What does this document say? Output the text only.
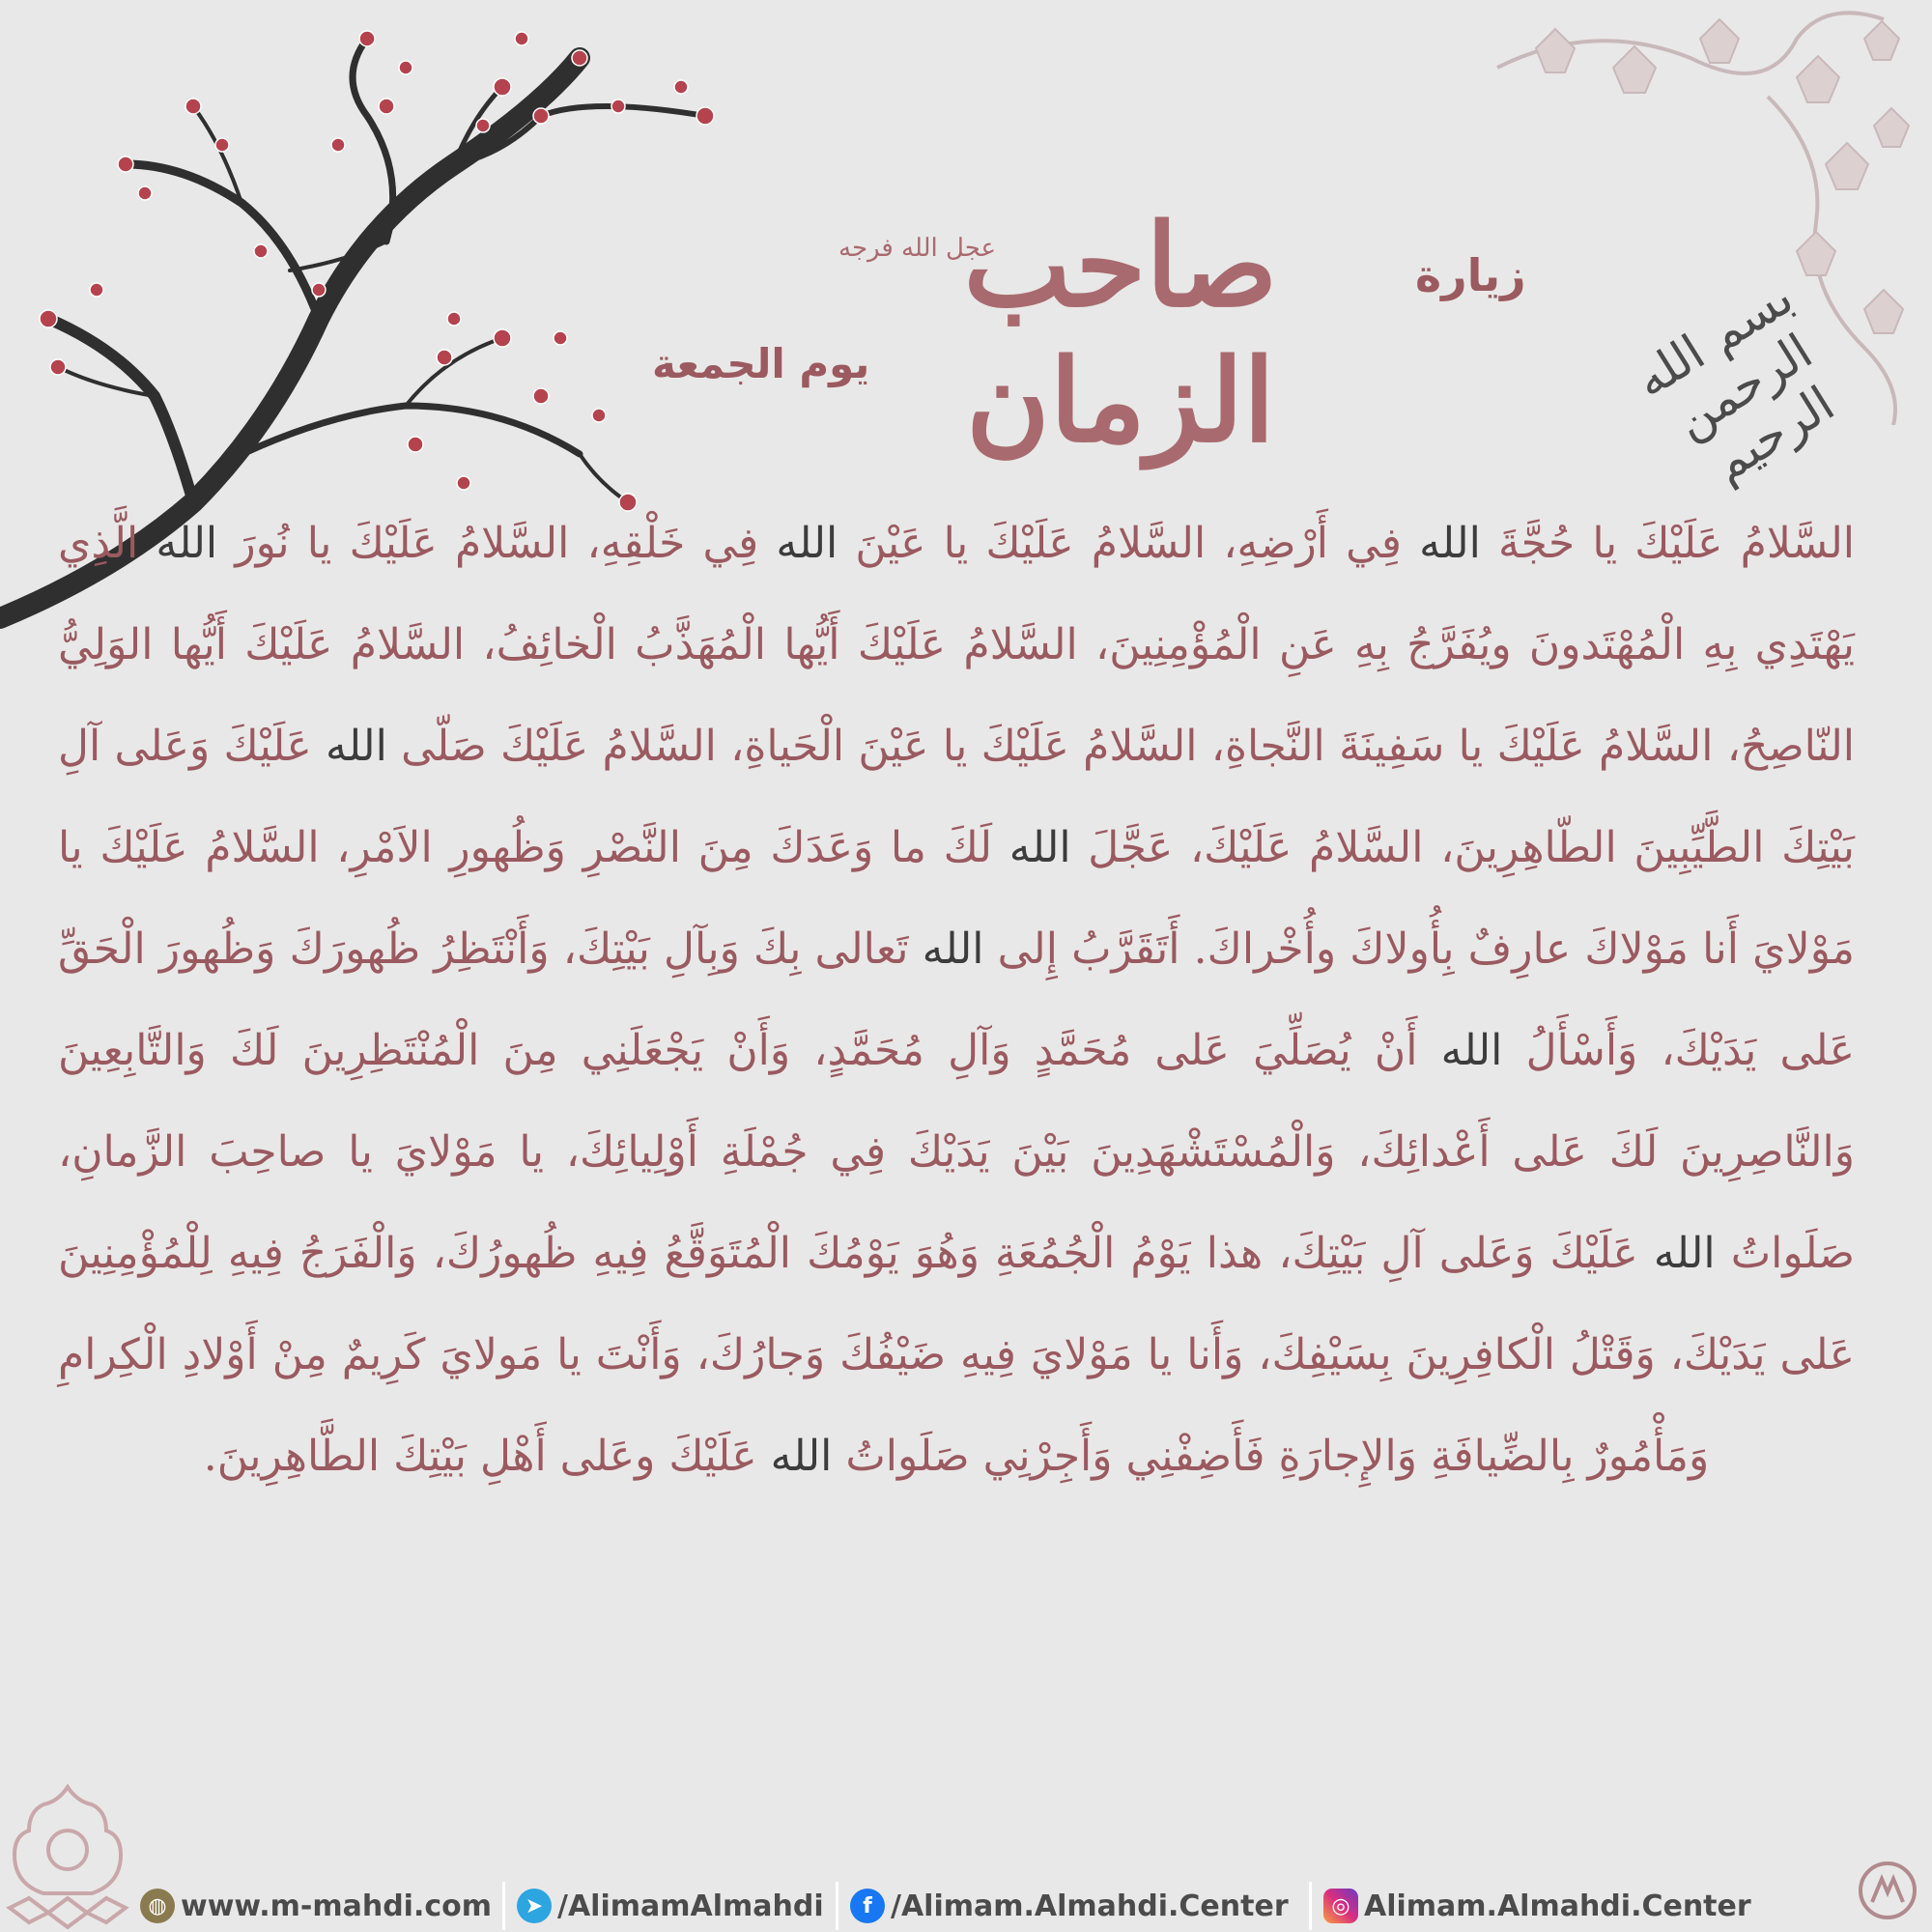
زيارة
صاحب الزمان
عجل الله فرجه
يوم الجمعة	بسم الله الرحمن الرحيم
السَّلامُ عَلَيْكَ يا حُجَّةَ الله فِي أَرْضِهِ، السَّلامُ عَلَيْكَ يا عَيْنَ الله فِي خَلْقِهِ، السَّلامُ عَلَيْكَ يا نُورَ الله الَّذِي يَهْتَدِي بِهِ الْمُهْتَدونَ ويُفَرَّجُ بِهِ عَنِ الْمُؤْمِنِينَ، السَّلامُ عَلَيْكَ أَيُّها الْمُهَذَّبُ الْخائِفُ، السَّلامُ عَلَيْكَ أَيُّها الوَلِيُّ النّاصِحُ، السَّلامُ عَلَيْكَ يا سَفِينَةَ النَّجاةِ، السَّلامُ عَلَيْكَ يا عَيْنَ الْحَياةِ، السَّلامُ عَلَيْكَ صَلّى الله عَلَيْكَ وَعَلى آلِ بَيْتِكَ الطَّيِّبِينَ الطّاهِرِينَ، السَّلامُ عَلَيْكَ، عَجَّلَ الله لَكَ ما وَعَدَكَ مِنَ النَّصْرِ وَظُهورِ الاَمْرِ، السَّلامُ عَلَيْكَ يا مَوْلايَ أَنا مَوْلاكَ عارِفٌ بِأُولاكَ وأُخْراكَ. أَتَقَرَّبُ إِلى الله تَعالى بِكَ وَبِآلِ بَيْتِكَ، وَأَنْتَظِرُ ظُهورَكَ وَظُهورَ الْحَقِّ عَلى يَدَيْكَ، وَأَسْأَلُ الله أَنْ يُصَلِّيَ عَلى مُحَمَّدٍ وَآلِ مُحَمَّدٍ، وَأَنْ يَجْعَلَنِي مِنَ الْمُنْتَظِرِينَ لَكَ وَالتَّابِعِينَ وَالنَّاصِرِينَ لَكَ عَلى أَعْدائِكَ، وَالْمُسْتَشْهَدِينَ بَيْنَ يَدَيْكَ فِي جُمْلَةِ أَوْلِيائِكَ، يا مَوْلايَ يا صاحِبَ الزَّمانِ، صَلَواتُ الله عَلَيْكَ وَعَلى آلِ بَيْتِكَ، هذا يَوْمُ الْجُمُعَةِ وَهُوَ يَوْمُكَ الْمُتَوَقَّعُ فِيهِ ظُهورُكَ، وَالْفَرَجُ فِيهِ لِلْمُؤْمِنِينَ عَلى يَدَيْكَ، وَقَتْلُ الْكافِرِينَ بِسَيْفِكَ، وَأَنا يا مَوْلايَ فِيهِ ضَيْفُكَ وَجارُكَ، وَأَنْتَ يا مَولايَ كَرِيمٌ مِنْ أَوْلادِ الْكِرامِ وَمَأْمُورٌ بِالضِّيافَةِ وَالإِجارَةِ فَأَضِفْنِي وَأَجِرْنِي صَلَواتُ الله عَلَيْكَ وعَلى أَهْلِ بَيْتِكَ الطَّاهِرِينَ.
◍ www.m-mahdi.com	➤ /AlimamAlmahdi	f /Alimam.Almahdi.Center	◎ Alimam.Almahdi.Center
